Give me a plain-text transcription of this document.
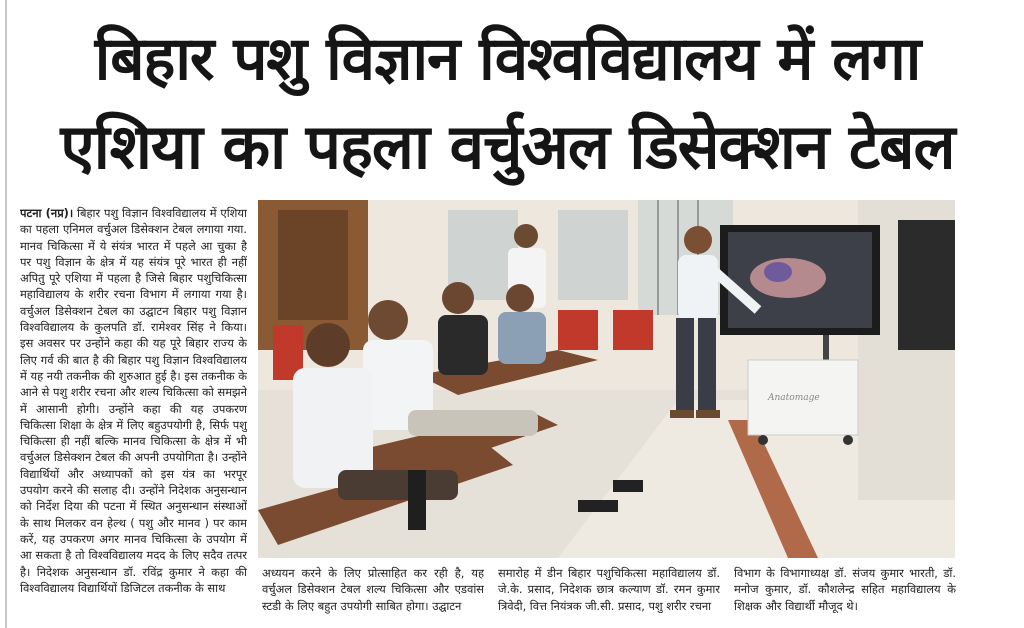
बिहार पशु विज्ञान विश्वविद्यालय में लगा
एशिया का पहला वर्चुअल डिसेक्शन टेबल
पटना (नप्र)। बिहार पशु विज्ञान विश्वविद्यालय में एशिया का पहला एनिमल वर्चुअल डिसेक्शन टेबल लगाया गया. मानव चिकित्सा में ये संयंत्र भारत में पहले आ चुका है पर पशु विज्ञान के क्षेत्र में यह संयंत्र पूरे भारत ही नहीं अपितु पूरे एशिया में पहला है जिसे बिहार पशुचिकित्सा महाविद्यालय के शरीर रचना विभाग में लगाया गया है। वर्चुअल डिसेक्शन टेबल का उद्घाटन बिहार पशु विज्ञान विश्वविद्यालय के कुलपति डॉ. रामेश्वर सिंह ने किया। इस अवसर पर उन्होंने कहा की यह पूरे बिहार राज्य के लिए गर्व की बात है की बिहार पशु विज्ञान विश्वविद्यालय में यह नयी तकनीक की शुरुआत हुई है। इस तकनीक के आने से पशु शरीर रचना और शल्य चिकित्सा को समझने में आसानी होगी। उन्होंने कहा की यह उपकरण चिकित्सा शिक्षा के क्षेत्र में लिए बहुउपयोगी है, सिर्फ पशु चिकित्सा ही नहीं बल्कि मानव चिकित्सा के क्षेत्र में भी वर्चुअल डिसेक्शन टेबल की अपनी उपयोगिता है। उन्होंने विद्यार्थियों और अध्यापकों को इस यंत्र का भरपूर उपयोग करने की सलाह दी। उन्होंने निदेशक अनुसन्धान को निर्देश दिया की पटना में स्थित अनुसन्धान संस्थाओं के साथ मिलकर वन हेल्थ ( पशु और मानव ) पर काम करें, यह उपकरण अगर मानव चिकित्सा के उपयोग में आ सकता है तो विश्वविद्यालय मदद के लिए सदैव तत्पर है। निदेशक अनुसन्धान डॉ. रविंद्र कुमार ने कहा की विश्वविद्यालय विद्यार्थियों डिजिटल तकनीक के साथ
Anatomage
अध्ययन करने के लिए प्रोत्साहित कर रही है, यह वर्चुअल डिसेक्शन टेबल शल्य चिकित्सा और एडवांस स्टडी के लिए बहुत उपयोगी साबित होगा। उद्घाटन
समारोह में डीन बिहार पशुचिकित्सा महाविद्यालय डॉ. जे.के. प्रसाद, निदेशक छात्र कल्याण डॉ. रमन कुमार त्रिवेदी, वित्त नियंत्रक जी.सी. प्रसाद, पशु शरीर रचना
विभाग के विभागाध्यक्ष डॉ. संजय कुमार भारती, डॉ. मनोज कुमार, डॉ. कौशलेन्द्र सहित महाविद्यालय के शिक्षक और विद्यार्थी मौजूद थे।
